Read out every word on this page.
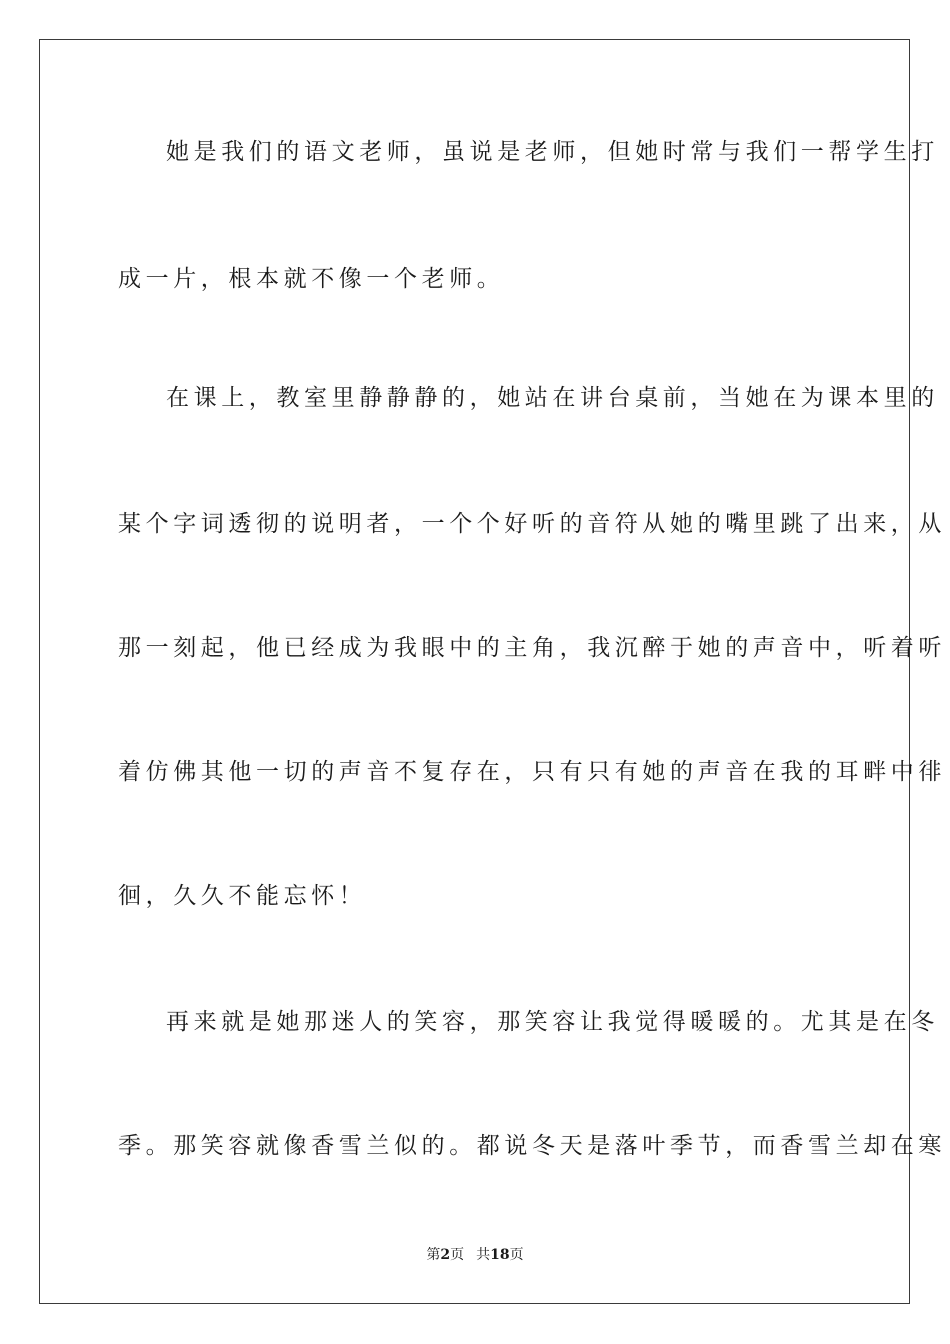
她是我们的语文老师，虽说是老师，但她时常与我们一帮学生打
成一片，根本就不像一个老师。
在课上，教室里静静静的，她站在讲台桌前，当她在为课本里的
某个字词透彻的说明者，一个个好听的音符从她的嘴里跳了出来，从
那一刻起，他已经成为我眼中的主角，我沉醉于她的声音中，听着听
着仿佛其他一切的声音不复存在，只有只有她的声音在我的耳畔中徘
徊，久久不能忘怀！
再来就是她那迷人的笑容，那笑容让我觉得暖暖的。尤其是在冬
季。那笑容就像香雪兰似的。都说冬天是落叶季节，而香雪兰却在寒
第2页 共18页
